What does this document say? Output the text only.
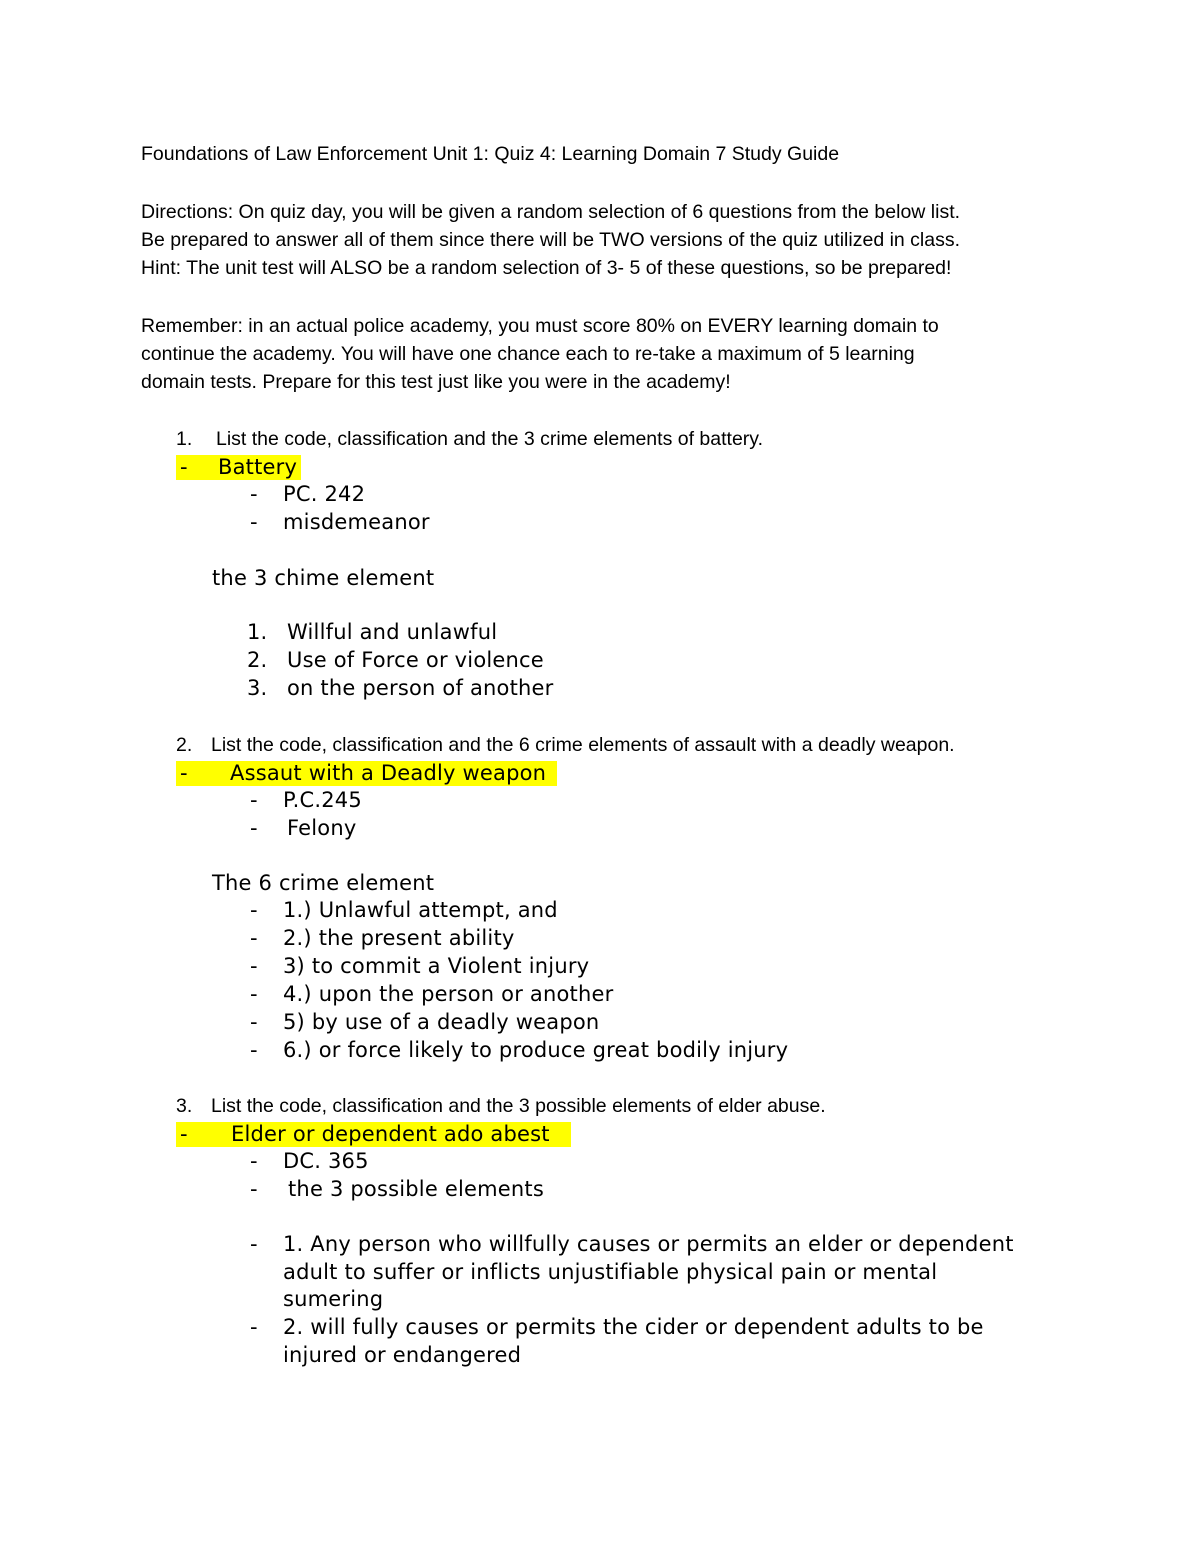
Foundations of Law Enforcement Unit 1: Quiz 4: Learning Domain 7 Study Guide
Directions: On quiz day, you will be given a random selection of 6 questions from the below list.
Be prepared to answer all of them since there will be TWO versions of the quiz utilized in class.
Hint: The unit test will ALSO be a random selection of 3- 5 of these questions, so be prepared!
Remember: in an actual police academy, you must score 80% on EVERY learning domain to
continue the academy. You will have one chance each to re-take a maximum of 5 learning
domain tests. Prepare for this test just like you were in the academy!
1. List the code, classification and the 3 crime elements of battery.
- Battery
- PC. 242
- misdemeanor
the 3 chime element
1. Willful and unlawful
2. Use of Force or violence
3. on the person of another
2. List the code, classification and the 6 crime elements of assault with a deadly weapon.
- Assaut with a Deadly weapon
- P.C.245
- Felony
The 6 crime element
- 1.) Unlawful attempt, and
- 2.) the present ability
- 3) to commit a Violent injury
- 4.) upon the person or another
- 5) by use of a deadly weapon
- 6.) or force likely to produce great bodily injury
3. List the code, classification and the 3 possible elements of elder abuse.
- Elder or dependent ado abest
- DC. 365
- the 3 possible elements
- 1. Any person who willfully causes or permits an elder or dependent
adult to suffer or inflicts unjustifiable physical pain or mental
sumering
- 2. will fully causes or permits the cider or dependent adults to be
injured or endangered
